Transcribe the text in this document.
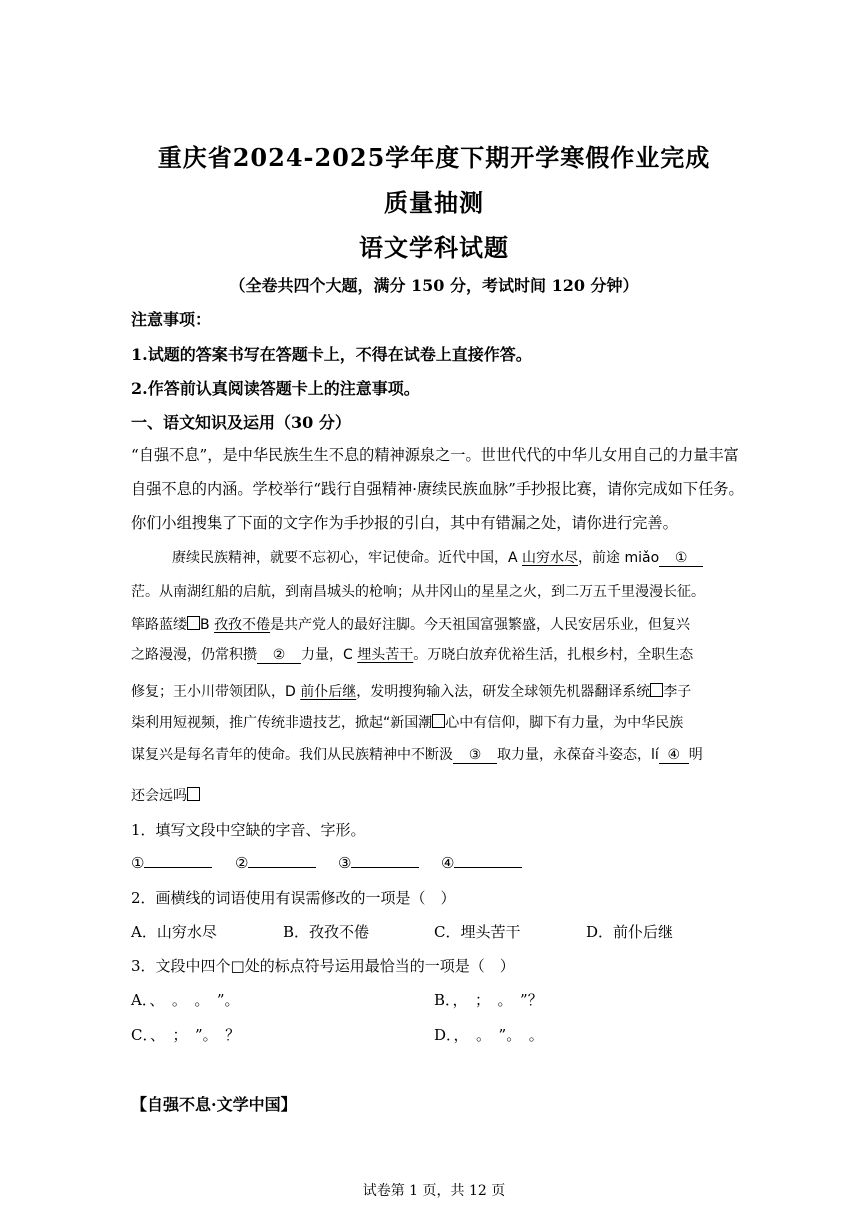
重庆省2024-2025学年度下期开学寒假作业完成
质量抽测
语文学科试题
（全卷共四个大题，满分 150 分，考试时间 120 分钟）
注意事项：
1.试题的答案书写在答题卡上，不得在试卷上直接作答。
2.作答前认真阅读答题卡上的注意事项。
一、语文知识及运用（30 分）
“自强不息”，是中华民族生生不息的精神源泉之一。世世代代的中华儿女用自己的力量丰富
自强不息的内涵。学校举行“践行自强精神·赓续民族血脉”手抄报比赛，请你完成如下任务。
你们小组搜集了下面的文字作为手抄报的引白，其中有错漏之处，请你进行完善。
赓续民族精神，就要不忘初心，牢记使命。近代中国，A 山穷水尽，前途 miǎo ①
茫。从南湖红船的启航，到南昌城头的枪响；从井冈山的星星之火，到二万五千里漫漫长征。
筚路蓝缕 B 孜孜不倦是共产党人的最好注脚。今天祖国富强繁盛，人民安居乐业，但复兴
之路漫漫，仍常积攒 ② 力量，C 埋头苦干。万晓白放弃优裕生活，扎根乡村，全职生态
修复；王小川带领团队，D 前仆后继，发明搜狗输入法，研发全球领先机器翻译系统 李子
柒利用短视频，推广传统非遗技艺，掀起“新国潮 心中有信仰，脚下有力量，为中华民族
谋复兴是每名青年的使命。我们从民族精神中不断汲 ③ 取力量，永葆奋斗姿态，lí ④ 明
还会远吗
1．填写文段中空缺的字音、字形。
①	②	③	④
2．画横线的词语使用有误需修改的一项是（　）
A．山穷水尽	B．孜孜不倦	C．埋头苦干	D．前仆后继
3．文段中四个□处的标点符号运用最恰当的一项是（　）
A．、　。　。　”。	B．，　；　。　”？
C．、　；　”。　？	D．，　。　”。　。
【自强不息·文学中国】
试卷第 1 页，共 12 页
